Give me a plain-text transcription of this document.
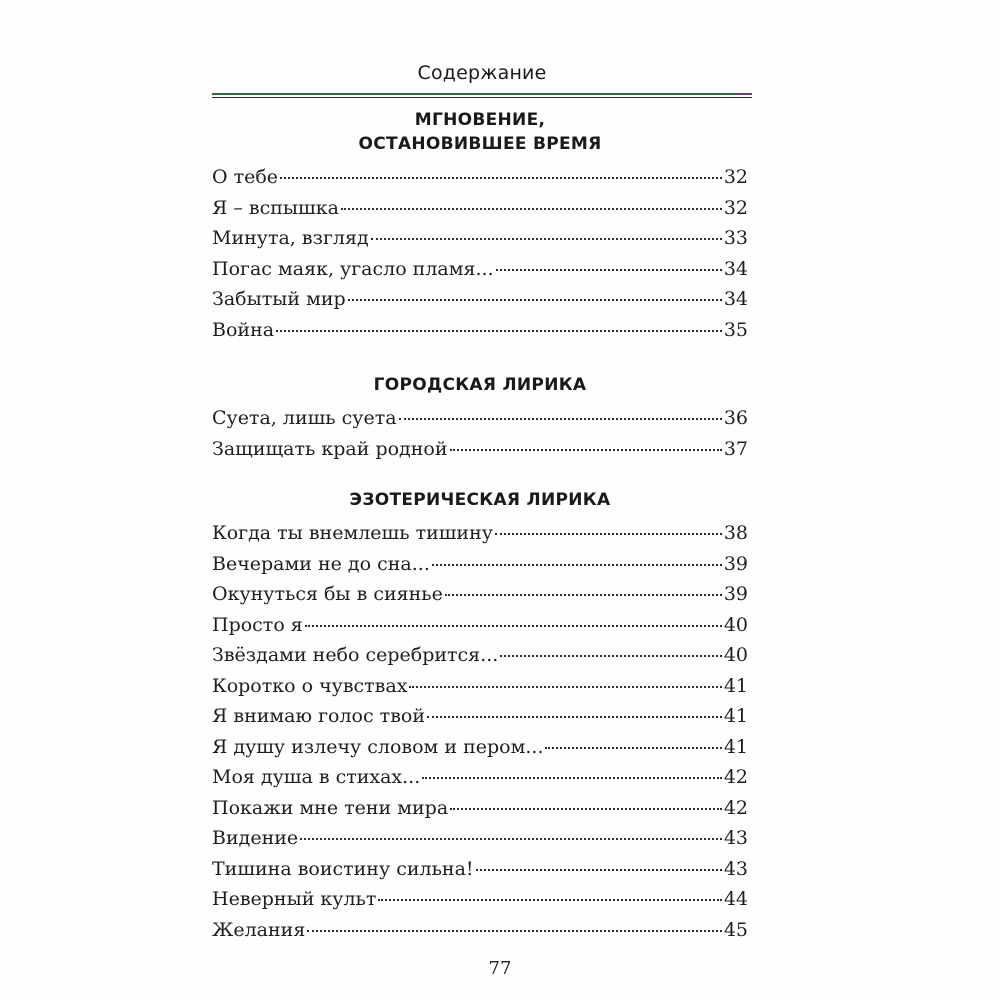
Содержание
МГНОВЕНИЕ,
ОСТАНОВИВШЕЕ ВРЕМЯ
О тебе	32
Я – вспышка	32
Минута, взгляд	33
Погас маяк, угасло пламя...	34
Забытый мир	34
Война	35
ГОРОДСКАЯ ЛИРИКА
Суета, лишь суета	36
Защищать край родной	37
ЭЗОТЕРИЧЕСКАЯ ЛИРИКА
Когда ты внемлешь тишину	38
Вечерами не до сна...	39
Окунуться бы в сиянье	39
Просто я	40
Звёздами небо серебрится...	40
Коротко о чувствах	41
Я внимаю голос твой	41
Я душу излечу словом и пером...	41
Моя душа в стихах...	42
Покажи мне тени мира	42
Видение	43
Тишина воистину сильна!	43
Неверный культ	44
Желания	45
77
